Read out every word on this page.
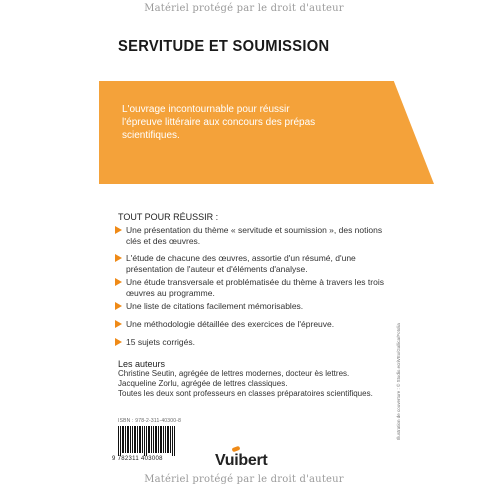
Matériel protégé par le droit d'auteur
SERVITUDE ET SOUMISSION
L'ouvrage incontournable pour réussir l'épreuve littéraire aux concours des prépas scientifiques.
TOUT POUR RÉUSSIR :
Une présentation du thème « servitude et soumission », des notions clés et des œuvres.
L'étude de chacune des œuvres, assortie d'un résumé, d'une présentation de l'auteur et d'éléments d'analyse.
Une étude transversale et problématisée du thème à travers les trois œuvres au programme.
Une liste de citations facilement mémorisables.
Une méthodologie détaillée des exercices de l'épreuve.
15 sujets corrigés.
Les auteurs
Christine Seutin, agrégée de lettres modernes, docteur ès lettres.
Jacqueline Zorlu, agrégée de lettres classiques.
Toutes les deux sont professeurs en classes préparatoires scientifiques.
ISBN : 978-2-311-40300-8
9 782311 403008	Vuibert
Illustration de couverture : © Studio.ecriVEx/Gallica/Fotolia
Matériel protégé par le droit d'auteur
